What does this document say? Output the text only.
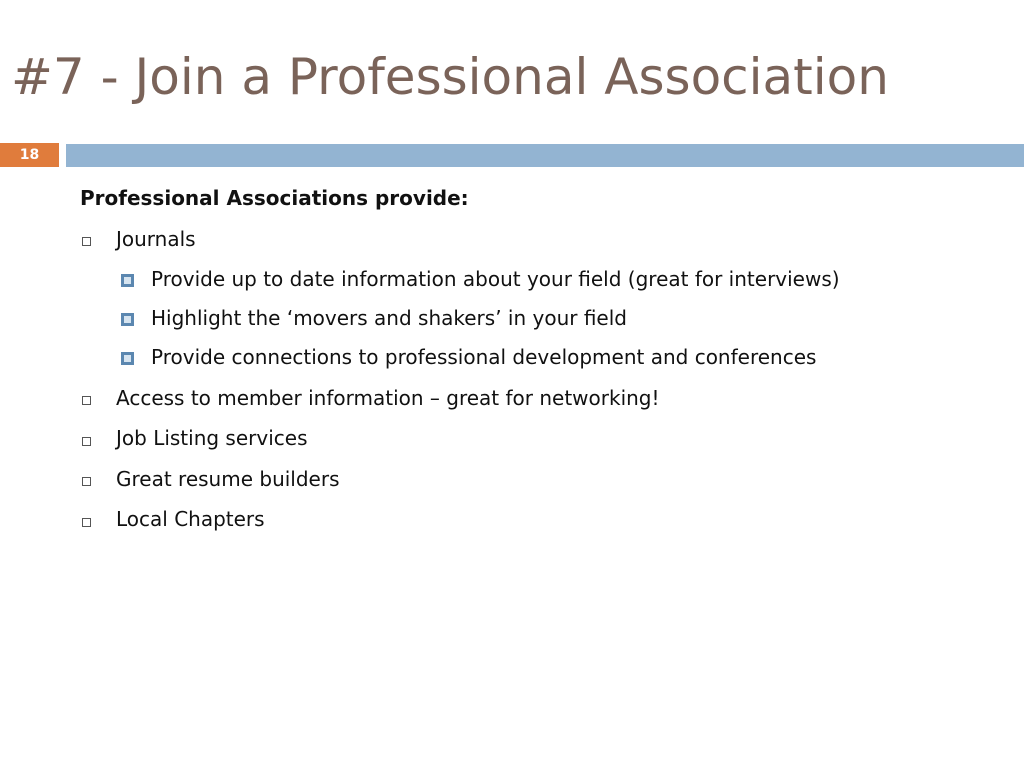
#7 - Join a Professional Association
18
Professional Associations provide:
Journals
Provide up to date information about your field (great for interviews)
Highlight the ‘movers and shakers’ in your field
Provide connections to professional development and conferences
Access to member information – great for networking!
Job Listing services
Great resume builders
Local Chapters
